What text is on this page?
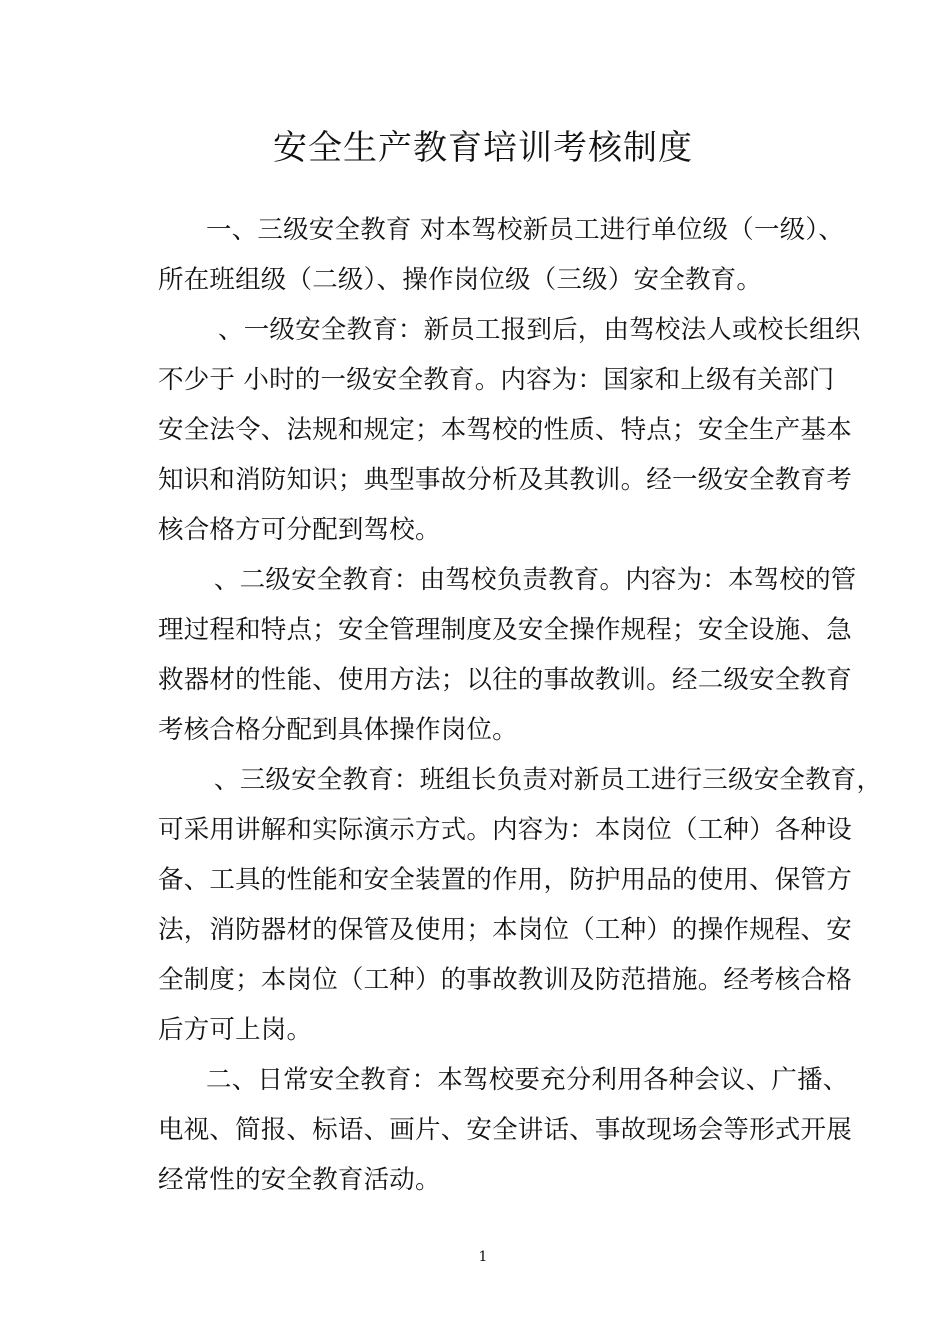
安全生产教育培训考核制度
一、三级安全教育 对本驾校新员工进行单位级（一级）、
所在班组级（二级）、操作岗位级（三级）安全教育。
、一级安全教育：新员工报到后，由驾校法人或校长组织
不少于 小时的一级安全教育。内容为：国家和上级有关部门
安全法令、法规和规定；本驾校的性质、特点；安全生产基本
知识和消防知识；典型事故分析及其教训。经一级安全教育考
核合格方可分配到驾校。
、二级安全教育：由驾校负责教育。内容为：本驾校的管
理过程和特点；安全管理制度及安全操作规程；安全设施、急
救器材的性能、使用方法；以往的事故教训。经二级安全教育
考核合格分配到具体操作岗位。
、三级安全教育：班组长负责对新员工进行三级安全教育，
可采用讲解和实际演示方式。内容为：本岗位（工种）各种设
备、工具的性能和安全装置的作用，防护用品的使用、保管方
法，消防器材的保管及使用；本岗位（工种）的操作规程、安
全制度；本岗位（工种）的事故教训及防范措施。经考核合格
后方可上岗。
二、日常安全教育：本驾校要充分利用各种会议、广播、
电视、简报、标语、画片、安全讲话、事故现场会等形式开展
经常性的安全教育活动。
1
